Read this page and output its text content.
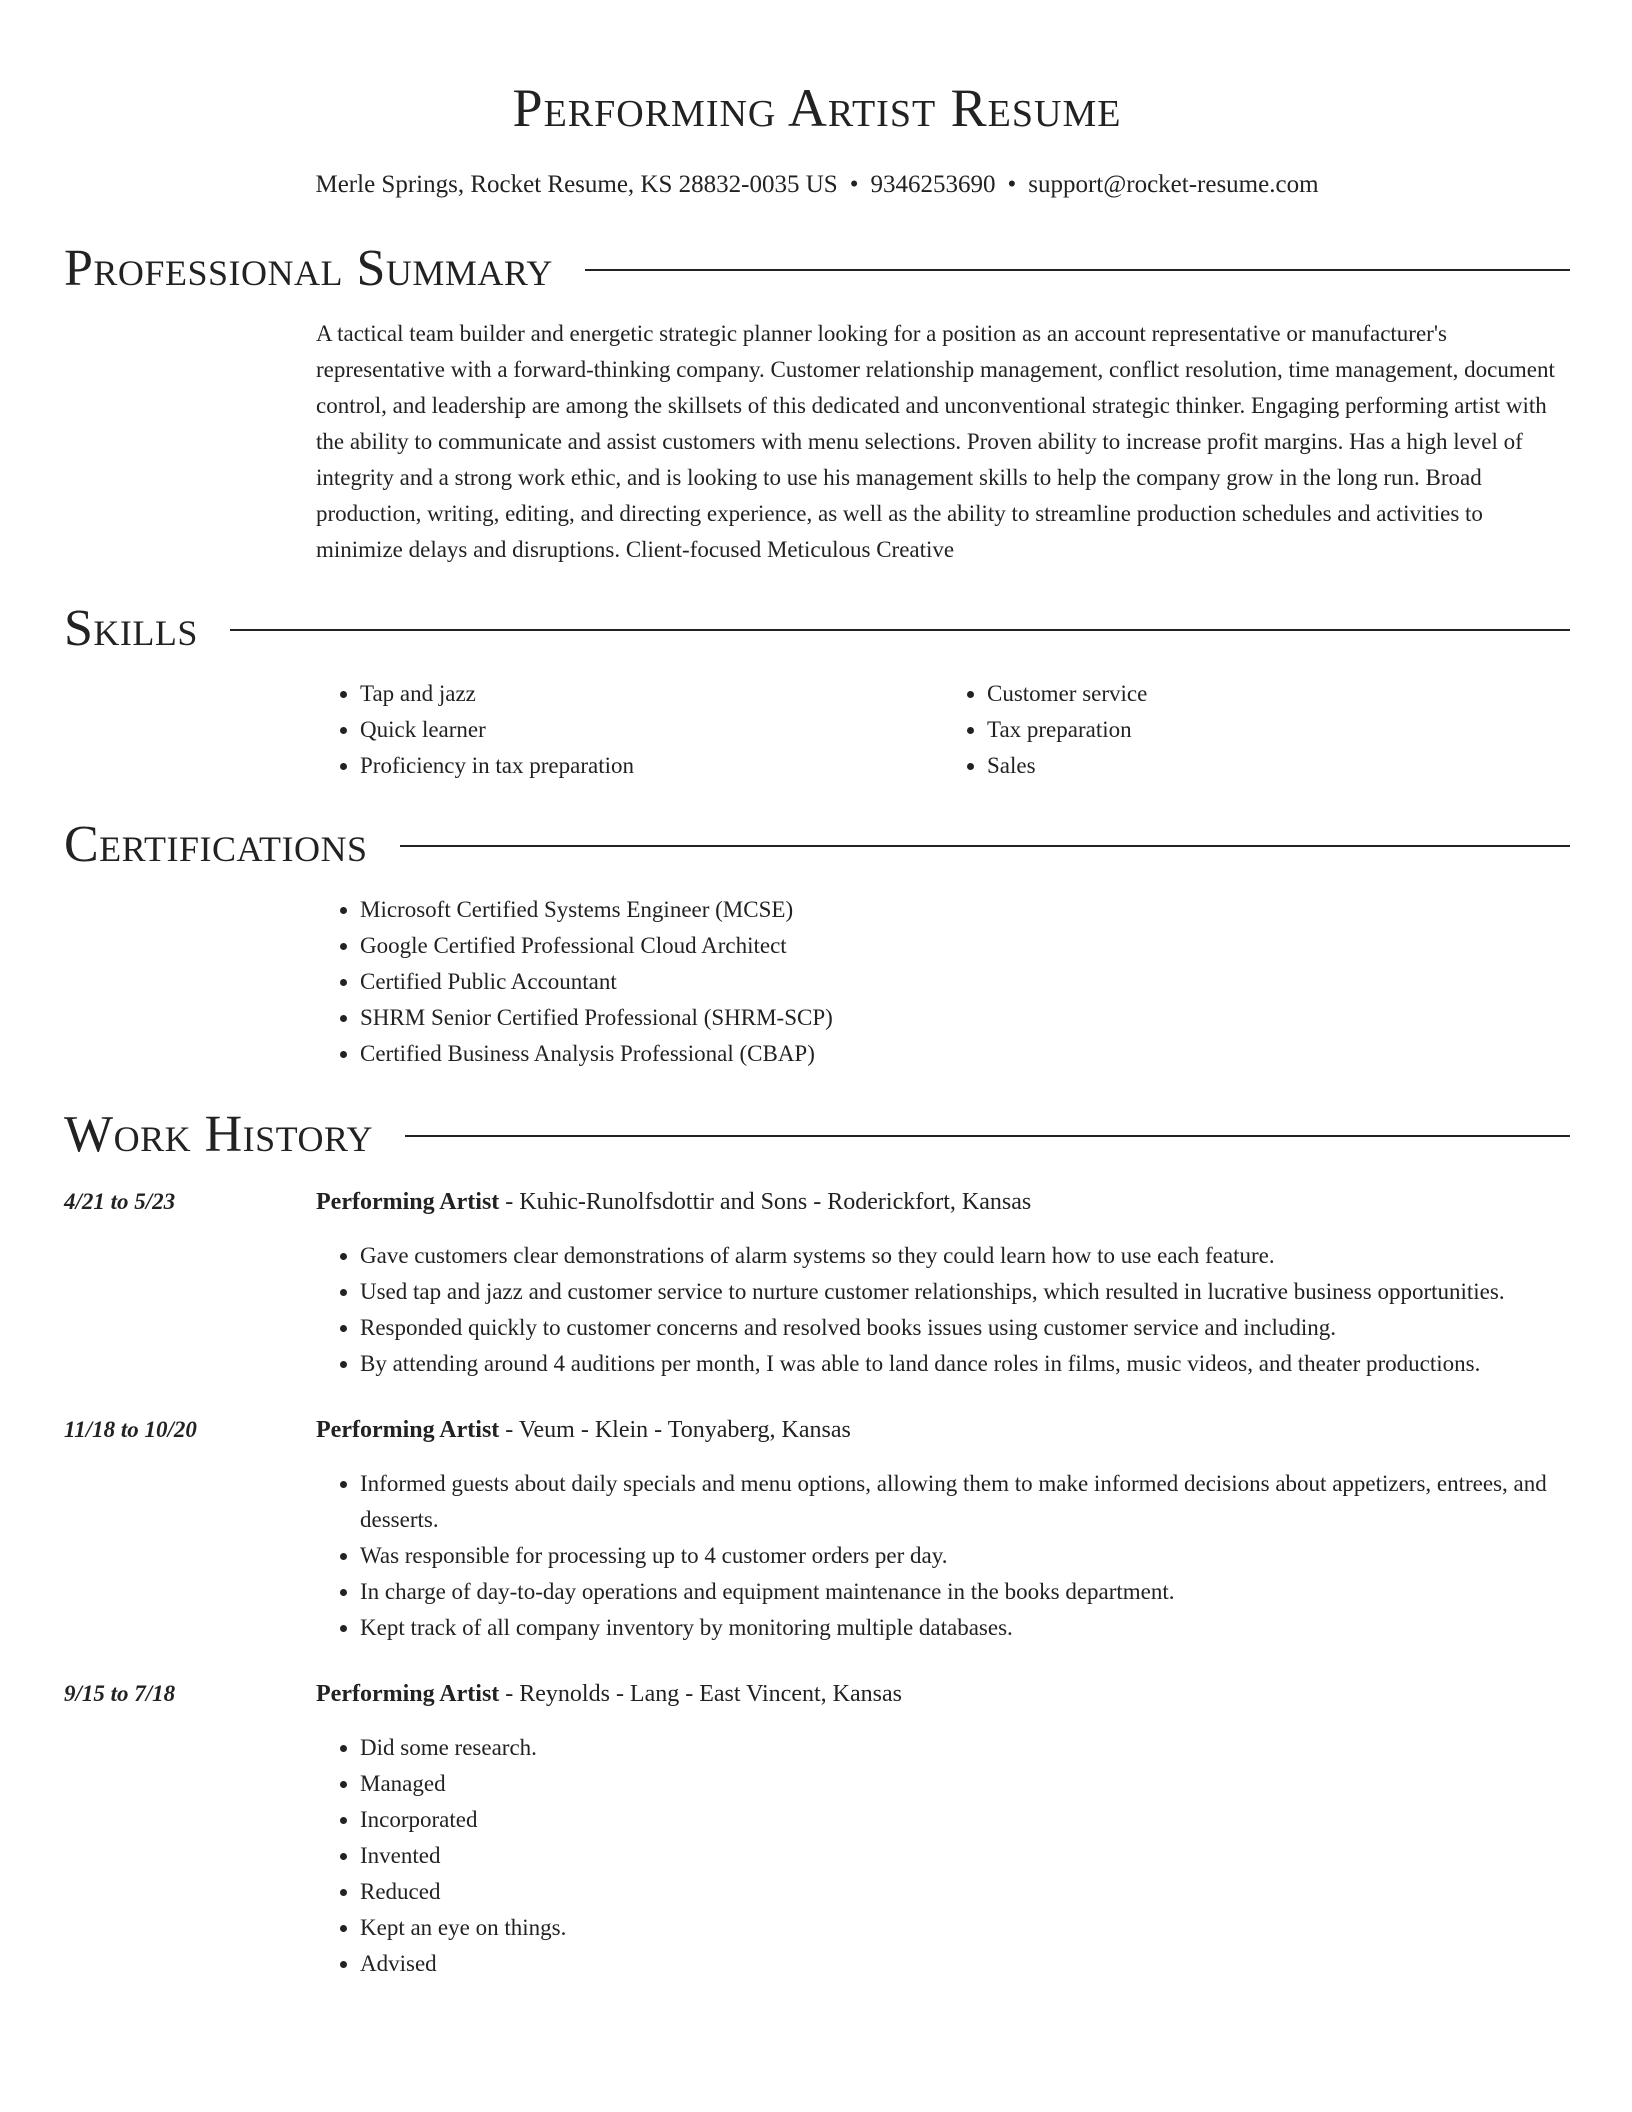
Performing Artist Resume
Merle Springs, Rocket Resume, KS 28832-0035 US • 9346253690 • support@rocket-resume.com
Professional Summary

A tactical team builder and energetic strategic planner looking for a position as an account representative or manufacturer's representative with a forward-thinking company. Customer relationship management, conflict resolution, time management, document control, and leadership are among the skillsets of this dedicated and unconventional strategic thinker. Engaging performing artist with the ability to communicate and assist customers with menu selections. Proven ability to increase profit margins. Has a high level of integrity and a strong work ethic, and is looking to use his management skills to help the company grow in the long run. Broad production, writing, editing, and directing experience, as well as the ability to streamline production schedules and activities to minimize delays and disruptions. Client-focused Meticulous Creative

Skills
• Tap and jazz
• Quick learner
• Proficiency in tax preparation
• Customer service
• Tax preparation
• Sales
Certifications
• Microsoft Certified Systems Engineer (MCSE)
• Google Certified Professional Cloud Architect
• Certified Public Accountant
• SHRM Senior Certified Professional (SHRM-SCP)
• Certified Business Analysis Professional (CBAP)
Work History
4/21 to 5/23	Performing Artist - Kuhic-Runolfsdottir and Sons - Roderickfort, Kansas
• Gave customers clear demonstrations of alarm systems so they could learn how to use each feature.
• Used tap and jazz and customer service to nurture customer relationships, which resulted in lucrative business opportunities.
• Responded quickly to customer concerns and resolved books issues using customer service and including.
• By attending around 4 auditions per month, I was able to land dance roles in films, music videos, and theater productions.
11/18 to 10/20	Performing Artist - Veum - Klein - Tonyaberg, Kansas
• Informed guests about daily specials and menu options, allowing them to make informed decisions about appetizers, entrees, and desserts.
• Was responsible for processing up to 4 customer orders per day.
• In charge of day-to-day operations and equipment maintenance in the books department.
• Kept track of all company inventory by monitoring multiple databases.
9/15 to 7/18	Performing Artist - Reynolds - Lang - East Vincent, Kansas
• Did some research.
• Managed
• Incorporated
• Invented
• Reduced
• Kept an eye on things.
• Advised
